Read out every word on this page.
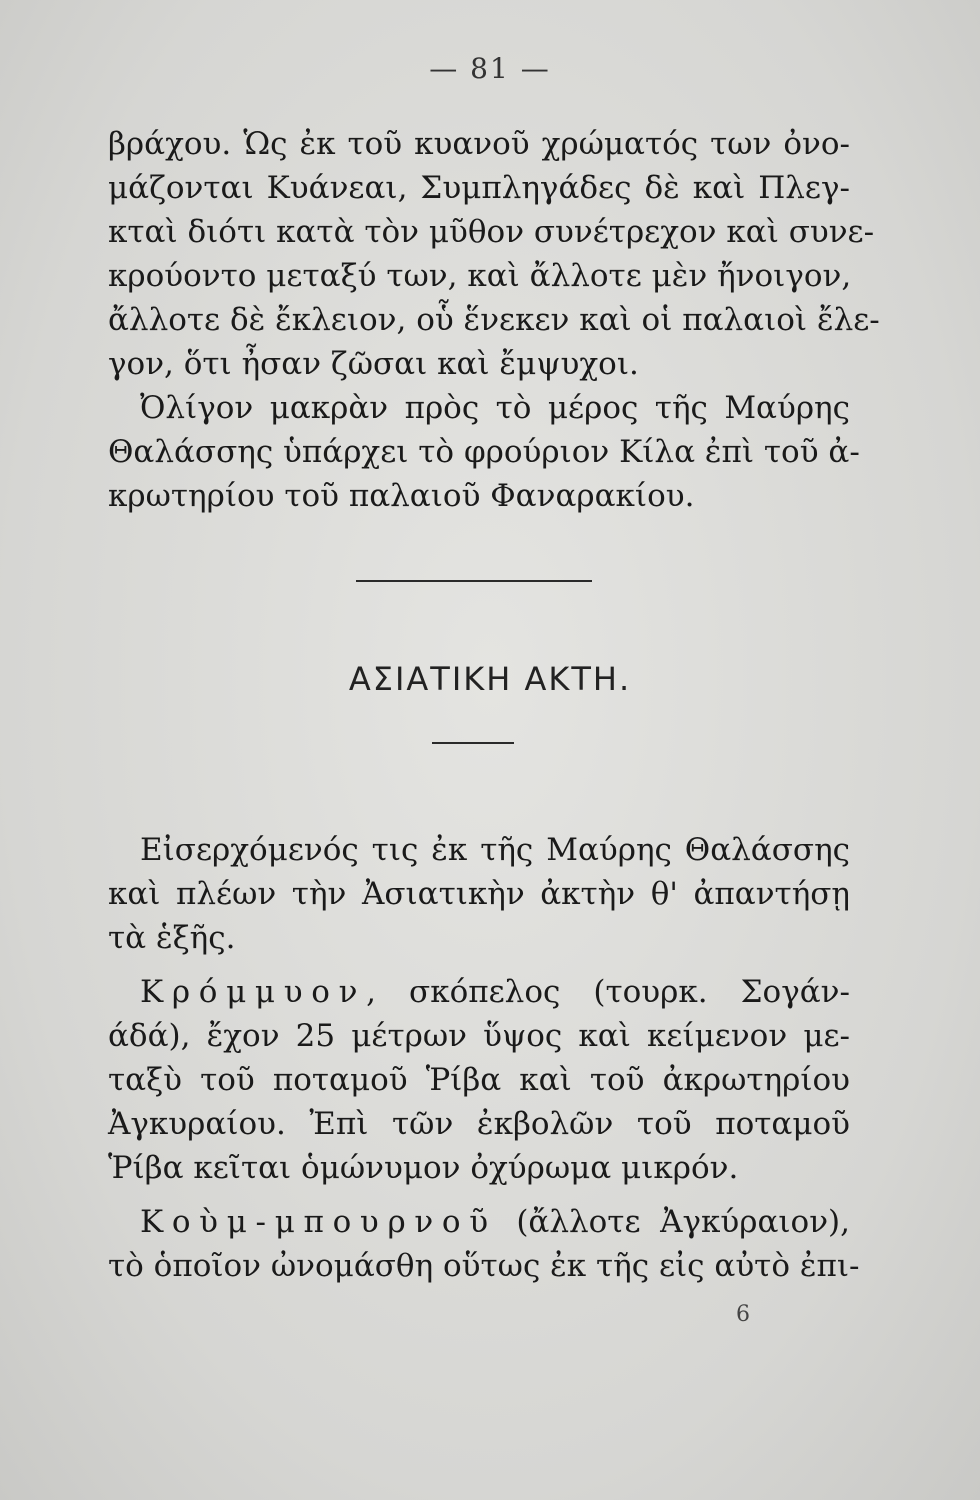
— 81 —
βράχου. Ὡς ἐκ τοῦ κυανοῦ χρώματός των ὀνο-
μάζονται Κυάνεαι, Συμπληγάδες δὲ καὶ Πλεγ-
κταὶ διότι κατὰ τὸν μῦθον συνέτρεχον καὶ συνε-
κρούοντο μεταξύ των, καὶ ἄλλοτε μὲν ἤνοιγον,
ἄλλοτε δὲ ἔκλειον, οὗ ἕνεκεν καὶ οἱ παλαιοὶ ἔλε-
γον, ὅτι ἦσαν ζῶσαι καὶ ἔμψυχοι.
Ὀλίγον μακρὰν πρὸς τὸ μέρος τῆς Μαύρης
Θαλάσσης ὑπάρχει τὸ φρούριον Κίλα ἐπὶ τοῦ ἀ-
κρωτηρίου τοῦ παλαιοῦ Φαναρακίου.
ΑΣΙΑΤΙΚΗ ΑΚΤΗ.
Εἰσερχόμενός τις ἐκ τῆς Μαύρης Θαλάσσης
καὶ πλέων τὴν Ἀσιατικὴν ἀκτὴν θ' ἀπαντήσῃ
τὰ ἑξῆς.
Κρόμμυον, σκόπελος (τουρκ. Σογάν-
άδά), ἔχον 25 μέτρων ὕψος καὶ κείμενον με-
ταξὺ τοῦ ποταμοῦ Ῥίβα καὶ τοῦ ἀκρωτηρίου
Ἀγκυραίου. Ἐπὶ τῶν ἐκβολῶν τοῦ ποταμοῦ
Ῥίβα κεῖται ὁμώνυμον ὀχύρωμα μικρόν.
Κοὺμ-μπουρνοῦ (ἄλλοτε Ἀγκύραιον),
τὸ ὁποῖον ὠνομάσθη οὕτως ἐκ τῆς εἰς αὐτὸ ἐπι-
6
